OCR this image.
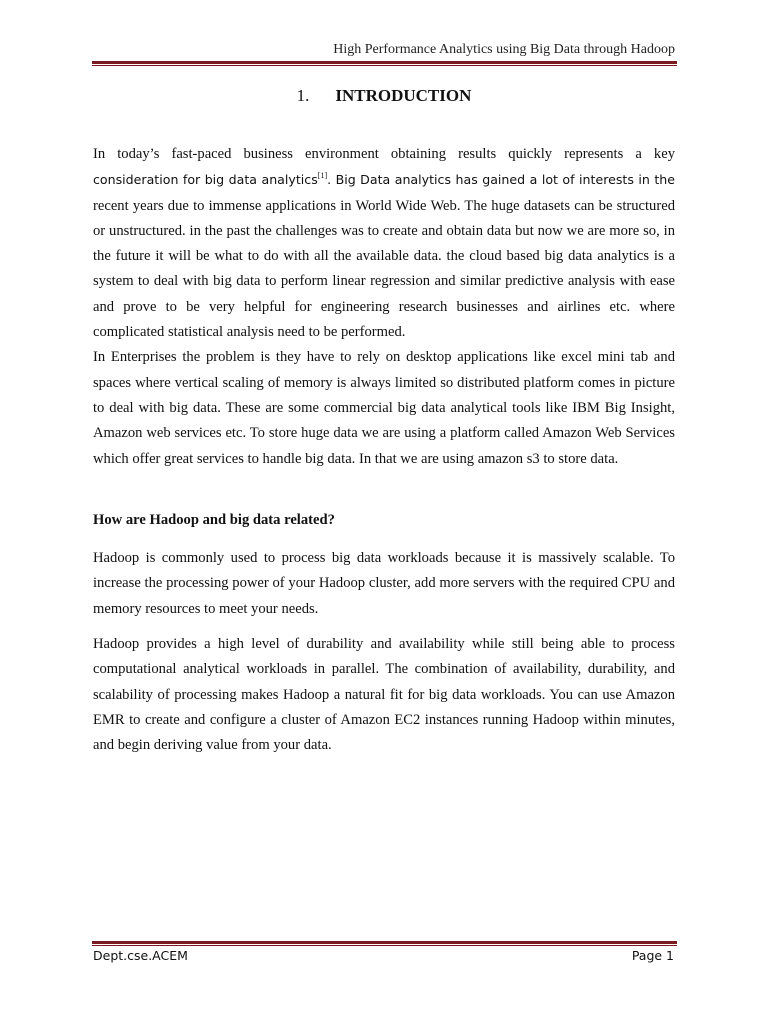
High Performance Analytics using Big Data through Hadoop
1. INTRODUCTION

In today’s fast-paced business environment obtaining results quickly represents a key consideration for big data analytics[1]. Big Data analytics has gained a lot of interests in the recent years due to immense applications in World Wide Web. The huge datasets can be structured or unstructured. in the past the challenges was to create and obtain data but now we are more so, in the future it will be what to do with all the available data. the cloud based big data analytics is a system to deal with big data to perform linear regression and similar predictive analysis with ease and prove to be very helpful for engineering research businesses and airlines etc. where complicated statistical analysis need to be performed.

In Enterprises the problem is they have to rely on desktop applications like excel mini tab and spaces where vertical scaling of memory is always limited so distributed platform comes in picture to deal with big data. These are some commercial big data analytical tools like IBM Big Insight, Amazon web services etc. To store huge data we are using a platform called Amazon Web Services which offer great services to handle big data. In that we are using amazon s3 to store data.

How are Hadoop and big data related?

Hadoop is commonly used to process big data workloads because it is massively scalable. To increase the processing power of your Hadoop cluster, add more servers with the required CPU and memory resources to meet your needs.

Hadoop provides a high level of durability and availability while still being able to process computational analytical workloads in parallel. The combination of availability, durability, and scalability of processing makes Hadoop a natural fit for big data workloads. You can use Amazon EMR to create and configure a cluster of Amazon EC2 instances running Hadoop within minutes, and begin deriving value from your data.

Dept.cse.ACEM	Page 1
